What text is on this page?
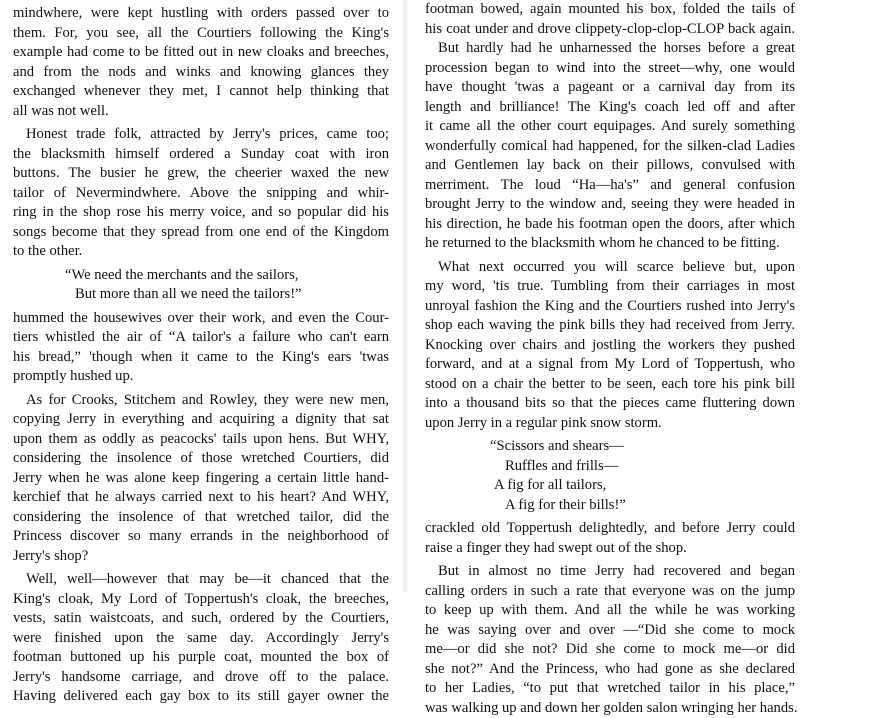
mindwhere, were kept hustling with orders passed over to
them. For, you see, all the Courtiers following the King's
example had come to be fitted out in new cloaks and breeches,
and from the nods and winks and knowing glances they
exchanged whenever they met, I cannot help thinking that
all was not well.
Honest trade folk, attracted by Jerry's prices, came too;
the blacksmith himself ordered a Sunday coat with iron
buttons. The busier he grew, the cheerier waxed the new
tailor of Nevermindwhere. Above the snipping and whir-
ring in the shop rose his merry voice, and so popular did his
songs become that they spread from one end of the Kingdom
to the other.
“We need the merchants and the sailors,
But more than all we need the tailors!”
hummed the housewives over their work, and even the Cour-
tiers whistled the air of “A tailor's a failure who can't earn
his bread,” 'though when it came to the King's ears 'twas
promptly hushed up.
As for Crooks, Stitchem and Rowley, they were new men,
copying Jerry in everything and acquiring a dignity that sat
upon them as oddly as peacocks' tails upon hens. But WHY,
considering the insolence of those wretched Courtiers, did
Jerry when he was alone keep fingering a certain little hand-
kerchief that he always carried next to his heart? And WHY,
considering the insolence of that wretched tailor, did the
Princess discover so many errands in the neighborhood of
Jerry's shop?
Well, well—however that may be—it chanced that the
King's cloak, My Lord of Toppertush's cloak, the breeches,
vests, satin waistcoats, and such, ordered by the Courtiers,
were finished upon the same day. Accordingly Jerry's
footman buttoned up his purple coat, mounted the box of
Jerry's handsome carriage, and drove off to the palace.
Having delivered each gay box to its still gayer owner the
footman bowed, again mounted his box, folded the tails of
his coat under and drove clippety-clop-clop-CLOP back again.
But hardly had he unharnessed the horses before a great
procession began to wind into the street—why, one would
have thought 'twas a pageant or a carnival day from its
length and brilliance! The King's coach led off and after
it came all the other court equipages. And surely something
wonderfully comical had happened, for the silken-clad Ladies
and Gentlemen lay back on their pillows, convulsed with
merriment. The loud “Ha—ha's” and general confusion
brought Jerry to the window and, seeing they were headed in
his direction, he bade his footman open the doors, after which
he returned to the blacksmith whom he chanced to be fitting.
What next occurred you will scarce believe but, upon
my word, 'tis true. Tumbling from their carriages in most
unroyal fashion the King and the Courtiers rushed into Jerry's
shop each waving the pink bills they had received from Jerry.
Knocking over chairs and jostling the workers they pushed
forward, and at a signal from My Lord of Toppertush, who
stood on a chair the better to be seen, each tore his pink bill
into a thousand bits so that the pieces came fluttering down
upon Jerry in a regular pink snow storm.
“Scissors and shears—
Ruffles and frills—
A fig for all tailors,
A fig for their bills!”
crackled old Toppertush delightedly, and before Jerry could
raise a finger they had swept out of the shop.
But in almost no time Jerry had recovered and began
calling orders in such a rate that everyone was on the jump
to keep up with them. And all the while he was working
he was saying over and over —“Did she come to mock
me—or did she not? Did she come to mock me—or did
she not?” And the Princess, who had gone as she declared
to her Ladies, “to put that wretched tailor in his place,”
was walking up and down her golden salon wringing her hands.
